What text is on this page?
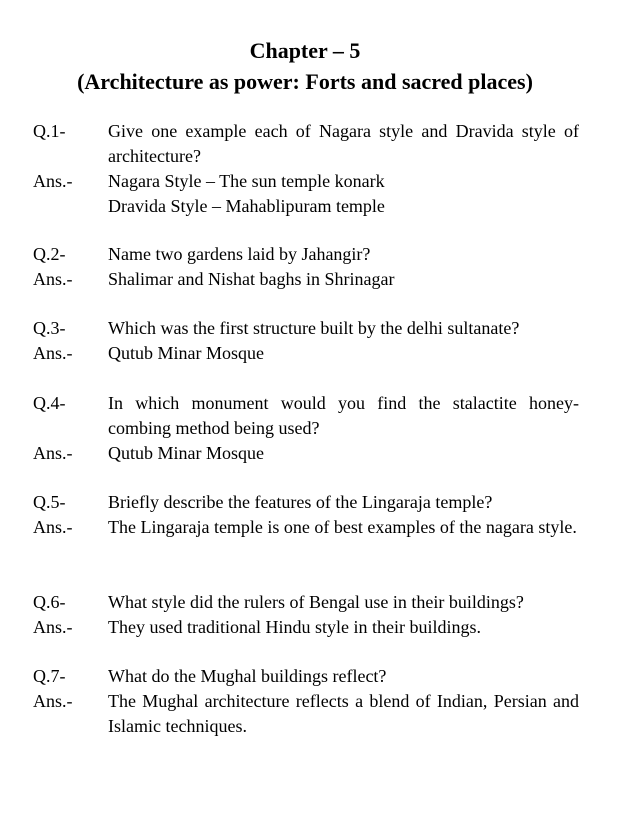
Chapter – 5
(Architecture as power: Forts and sacred places)
Q.1-	Give one example each of Nagara style and Dravida style of architecture?
Ans.-	Nagara Style – The sun temple konark
Dravida Style – Mahablipuram temple
Q.2-	Name two gardens laid by Jahangir?
Ans.-	Shalimar and Nishat baghs in Shrinagar
Q.3-	Which was the first structure built by the delhi sultanate?
Ans.-	Qutub Minar Mosque
Q.4-	In which monument would you find the stalactite honey-combing method being used?
Ans.-	Qutub Minar Mosque
Q.5-	Briefly describe the features of the Lingaraja temple?
Ans.-	The Lingaraja temple is one of best examples of the nagara style.
Q.6-	What style did the rulers of Bengal use in their buildings?
Ans.-	They used traditional Hindu style in their buildings.
Q.7-	What do the Mughal buildings reflect?
Ans.-	The Mughal architecture reflects a blend of Indian, Persian and Islamic techniques.
